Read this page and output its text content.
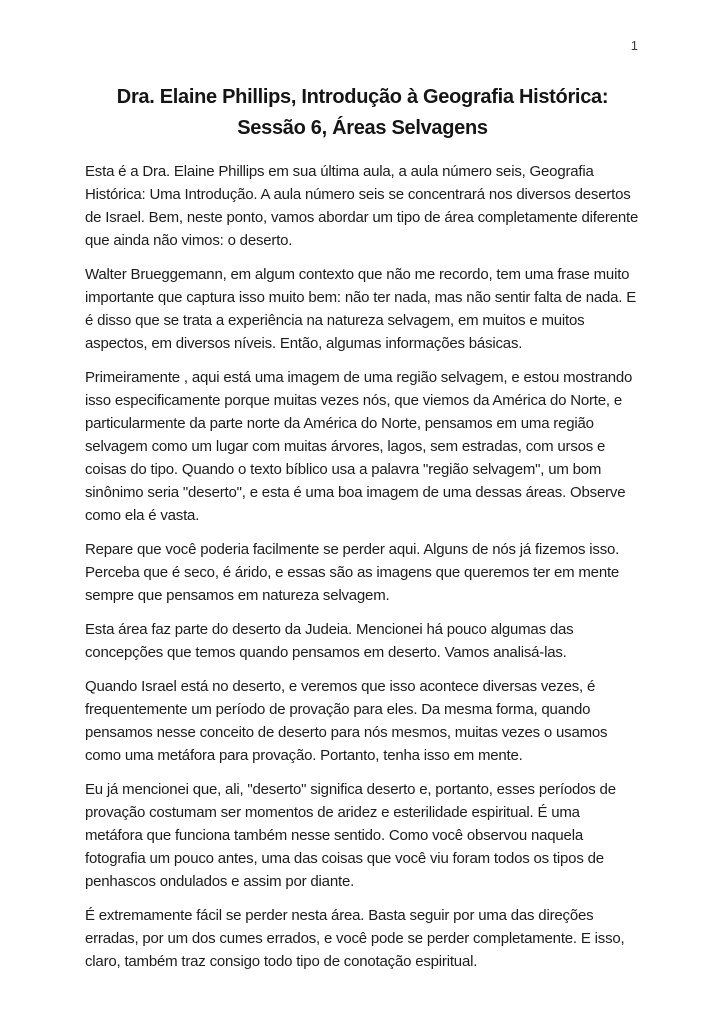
1
Dra. Elaine Phillips, Introdução à Geografia Histórica:
Sessão 6, Áreas Selvagens

Esta é a Dra. Elaine Phillips em sua última aula, a aula número seis, Geografia Histórica: Uma Introdução. A aula número seis se concentrará nos diversos desertos de Israel. Bem, neste ponto, vamos abordar um tipo de área completamente diferente que ainda não vimos: o deserto.

Walter Brueggemann, em algum contexto que não me recordo, tem uma frase muito importante que captura isso muito bem: não ter nada, mas não sentir falta de nada. E é disso que se trata a experiência na natureza selvagem, em muitos e muitos aspectos, em diversos níveis. Então, algumas informações básicas.

Primeiramente , aqui está uma imagem de uma região selvagem, e estou mostrando isso especificamente porque muitas vezes nós, que viemos da América do Norte, e particularmente da parte norte da América do Norte, pensamos em uma região selvagem como um lugar com muitas árvores, lagos, sem estradas, com ursos e coisas do tipo. Quando o texto bíblico usa a palavra "região selvagem", um bom sinônimo seria "deserto", e esta é uma boa imagem de uma dessas áreas. Observe como ela é vasta.

Repare que você poderia facilmente se perder aqui. Alguns de nós já fizemos isso. Perceba que é seco, é árido, e essas são as imagens que queremos ter em mente sempre que pensamos em natureza selvagem.

Esta área faz parte do deserto da Judeia. Mencionei há pouco algumas das concepções que temos quando pensamos em deserto. Vamos analisá-las.

Quando Israel está no deserto, e veremos que isso acontece diversas vezes, é frequentemente um período de provação para eles. Da mesma forma, quando pensamos nesse conceito de deserto para nós mesmos, muitas vezes o usamos como uma metáfora para provação. Portanto, tenha isso em mente.

Eu já mencionei que, ali, "deserto" significa deserto e, portanto, esses períodos de provação costumam ser momentos de aridez e esterilidade espiritual. É uma metáfora que funciona também nesse sentido. Como você observou naquela fotografia um pouco antes, uma das coisas que você viu foram todos os tipos de penhascos ondulados e assim por diante.

É extremamente fácil se perder nesta área. Basta seguir por uma das direções erradas, por um dos cumes errados, e você pode se perder completamente. E isso, claro, também traz consigo todo tipo de conotação espiritual.
